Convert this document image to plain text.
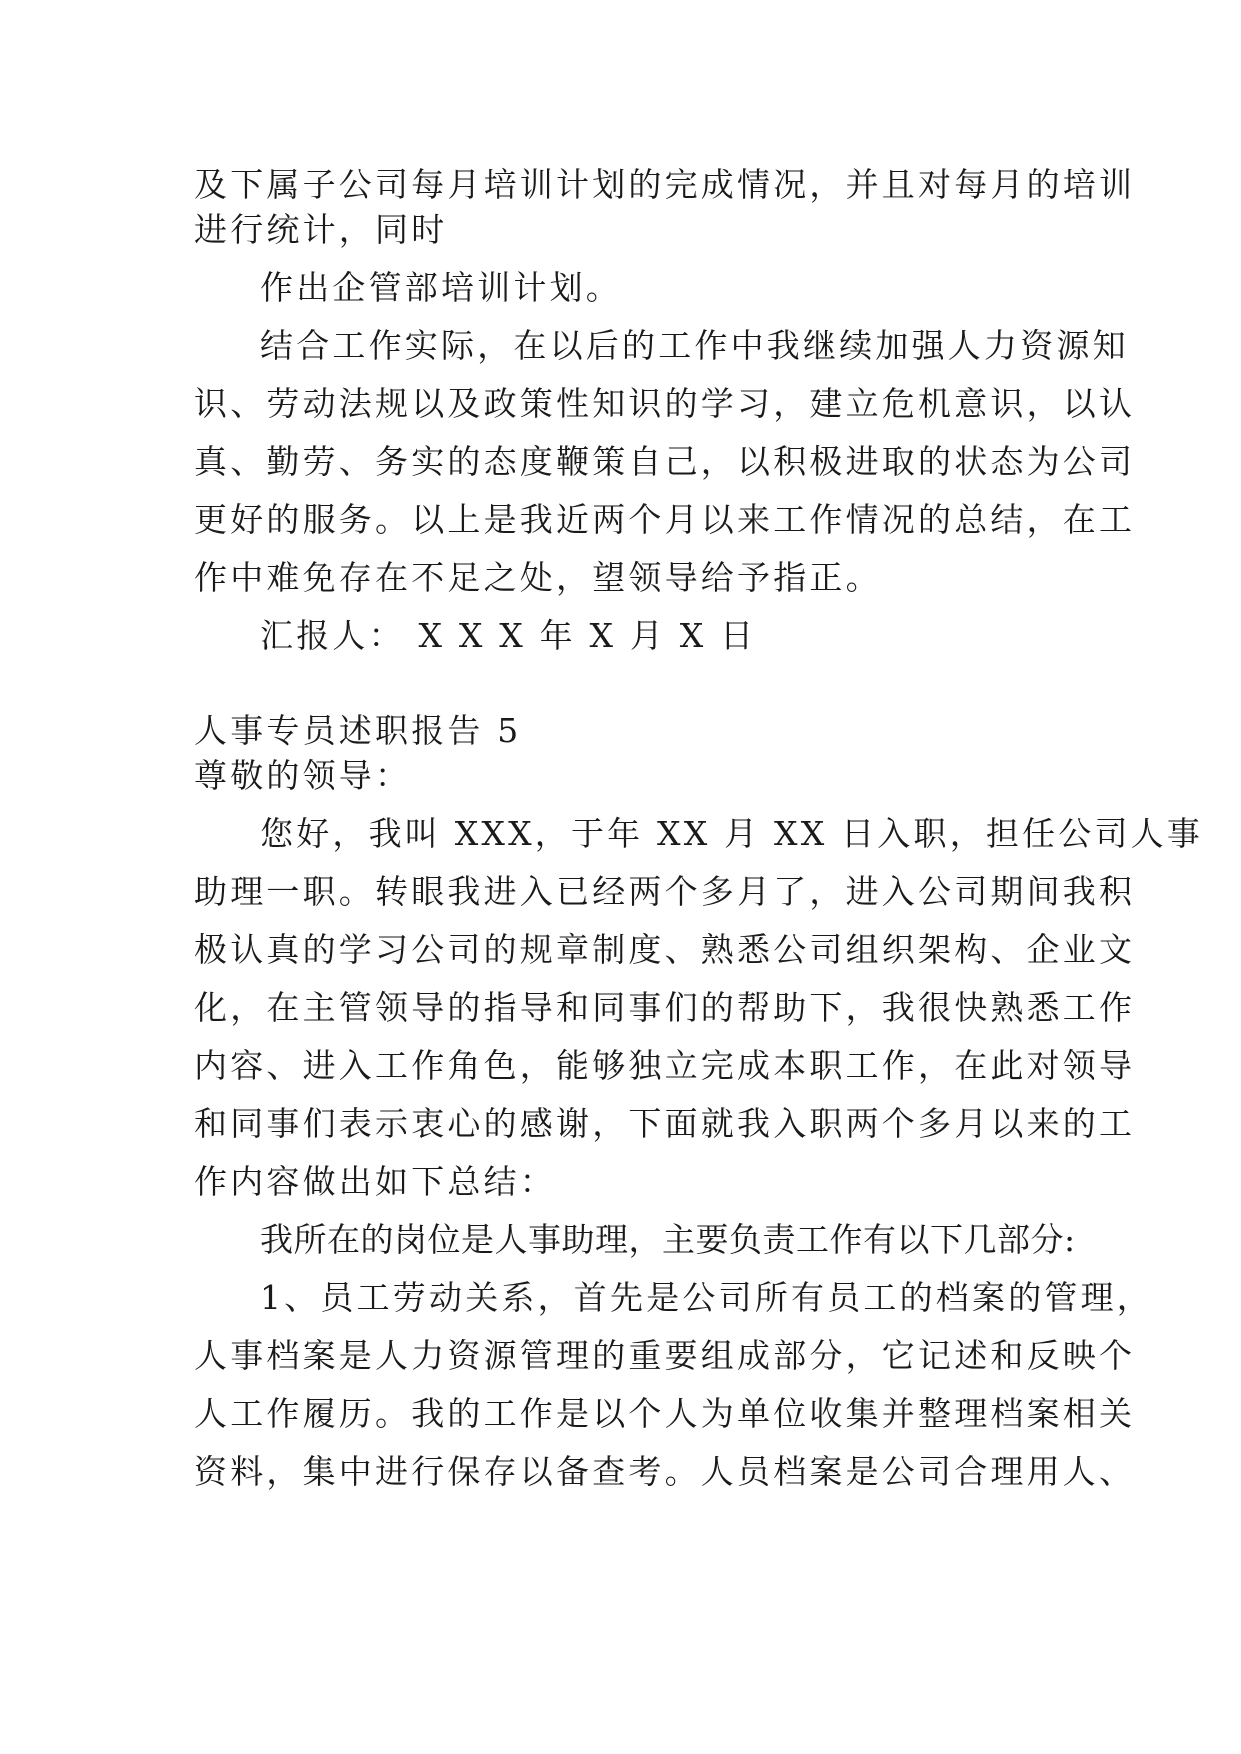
及下属子公司每月培训计划的完成情况，并且对每月的培训
进行统计，同时
作出企管部培训计划。
结合工作实际，在以后的工作中我继续加强人力资源知
识、劳动法规以及政策性知识的学习，建立危机意识，以认
真、勤劳、务实的态度鞭策自己，以积极进取的状态为公司
更好的服务。以上是我近两个月以来工作情况的总结，在工
作中难免存在不足之处，望领导给予指正。
汇报人： X X X 年 X 月 X 日
人事专员述职报告 5
尊敬的领导：
您好，我叫 XXX，于年 XX 月 XX 日入职，担任公司人事
助理一职。转眼我进入已经两个多月了，进入公司期间我积
极认真的学习公司的规章制度、熟悉公司组织架构、企业文
化，在主管领导的指导和同事们的帮助下，我很快熟悉工作
内容、进入工作角色，能够独立完成本职工作，在此对领导
和同事们表示衷心的感谢，下面就我入职两个多月以来的工
作内容做出如下总结：
我所在的岗位是人事助理，主要负责工作有以下几部分:
1、员工劳动关系，首先是公司所有员工的档案的管理，
人事档案是人力资源管理的重要组成部分，它记述和反映个
人工作履历。我的工作是以个人为单位收集并整理档案相关
资料，集中进行保存以备查考。人员档案是公司合理用人、
